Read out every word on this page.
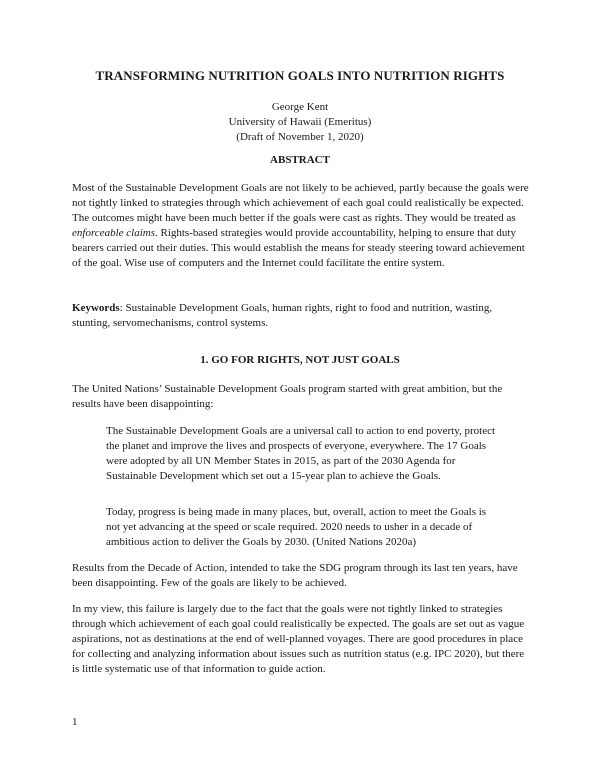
TRANSFORMING NUTRITION GOALS INTO NUTRITION RIGHTS
George Kent
University of Hawaii (Emeritus)
(Draft of November 1, 2020)
ABSTRACT

Most of the Sustainable Development Goals are not likely to be achieved, partly because the goals were not tightly linked to strategies through which achievement of each goal could realistically be expected. The outcomes might have been much better if the goals were cast as rights. They would be treated as enforceable claims. Rights-based strategies would provide accountability, helping to ensure that duty bearers carried out their duties. This would establish the means for steady steering toward achievement of the goal. Wise use of computers and the Internet could facilitate the entire system.

Keywords: Sustainable Development Goals, human rights, right to food and nutrition, wasting, stunting, servomechanisms, control systems.

1. GO FOR RIGHTS, NOT JUST GOALS

The United Nations’ Sustainable Development Goals program started with great ambition, but the results have been disappointing:

The Sustainable Development Goals are a universal call to action to end poverty, protect the planet and improve the lives and prospects of everyone, everywhere. The 17 Goals were adopted by all UN Member States in 2015, as part of the 2030 Agenda for Sustainable Development which set out a 15-year plan to achieve the Goals.

Today, progress is being made in many places, but, overall, action to meet the Goals is not yet advancing at the speed or scale required. 2020 needs to usher in a decade of ambitious action to deliver the Goals by 2030. (United Nations 2020a)

Results from the Decade of Action, intended to take the SDG program through its last ten years, have been disappointing. Few of the goals are likely to be achieved.

In my view, this failure is largely due to the fact that the goals were not tightly linked to strategies through which achievement of each goal could realistically be expected. The goals are set out as vague aspirations, not as destinations at the end of well-planned voyages. There are good procedures in place for collecting and analyzing information about issues such as nutrition status (e.g. IPC 2020), but there is little systematic use of that information to guide action.

1
